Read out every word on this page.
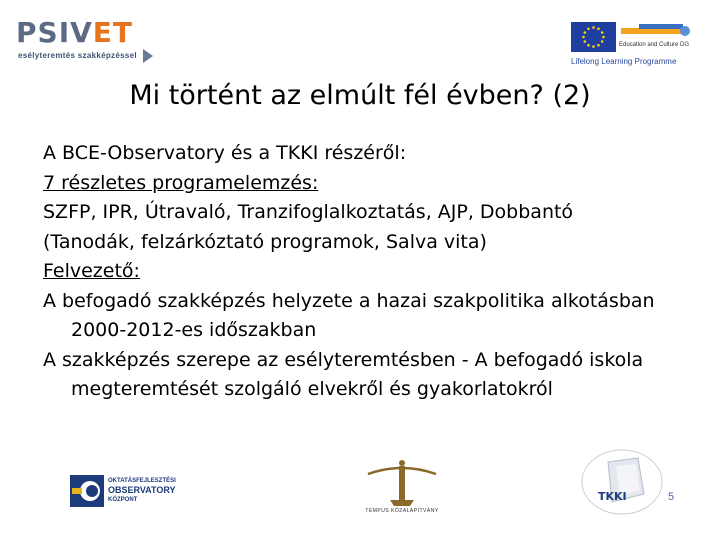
PSIVET
esélyteremtés szakképzéssel
Education and Culture DG
Lifelong Learning Programme
Mi történt az elmúlt fél évben? (2)

A BCE-Observatory és a TKKI részéről:

7 részletes programelemzés:

SZFP, IPR, Útravaló, Tranzifoglalkoztatás, AJP, Dobbantó

(Tanodák, felzárkóztató programok, Salva vita)

Felvezető:

A befogadó szakképzés helyzete a hazai szakpolitika alkotásban 2000-2012-es időszakban

A szakképzés szerepe az esélyteremtésben - A befogadó iskola megteremtését szolgáló elvekről és gyakorlatokról

OKTATÁSFEJLESZTÉSI
OBSERVATORY
KÖZPONT
TEMPUS KÖZALAPÍTVÁNY
TKKI	5
